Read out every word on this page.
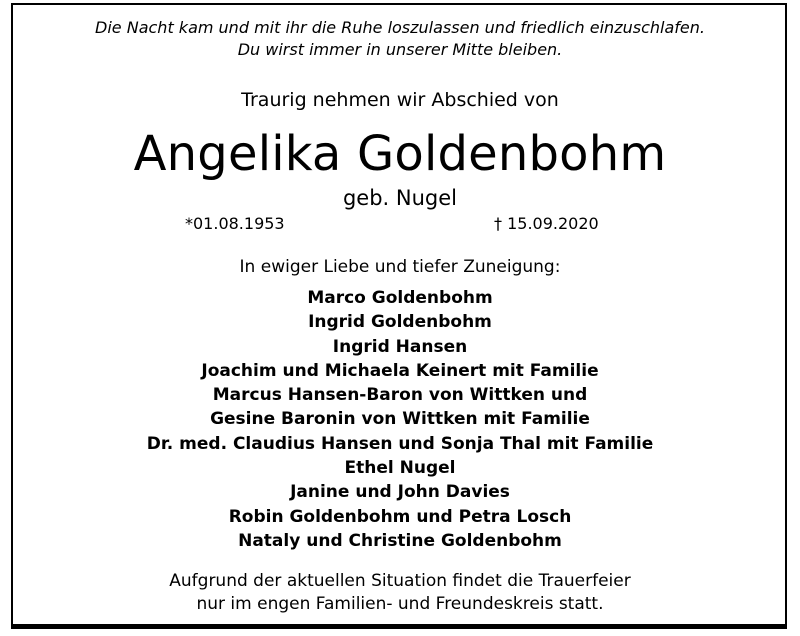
Die Nacht kam und mit ihr die Ruhe loszulassen und friedlich einzuschlafen.
Du wirst immer in unserer Mitte bleiben.
Traurig nehmen wir Abschied von
Angelika Goldenbohm
geb. Nugel
*01.08.1953	† 15.09.2020
In ewiger Liebe und tiefer Zuneigung:
Marco Goldenbohm
Ingrid Goldenbohm
Ingrid Hansen
Joachim und Michaela Keinert mit Familie
Marcus Hansen-Baron von Wittken und
Gesine Baronin von Wittken mit Familie
Dr. med. Claudius Hansen und Sonja Thal mit Familie
Ethel Nugel
Janine und John Davies
Robin Goldenbohm und Petra Losch
Nataly und Christine Goldenbohm
Aufgrund der aktuellen Situation findet die Trauerfeier
nur im engen Familien- und Freundeskreis statt.
